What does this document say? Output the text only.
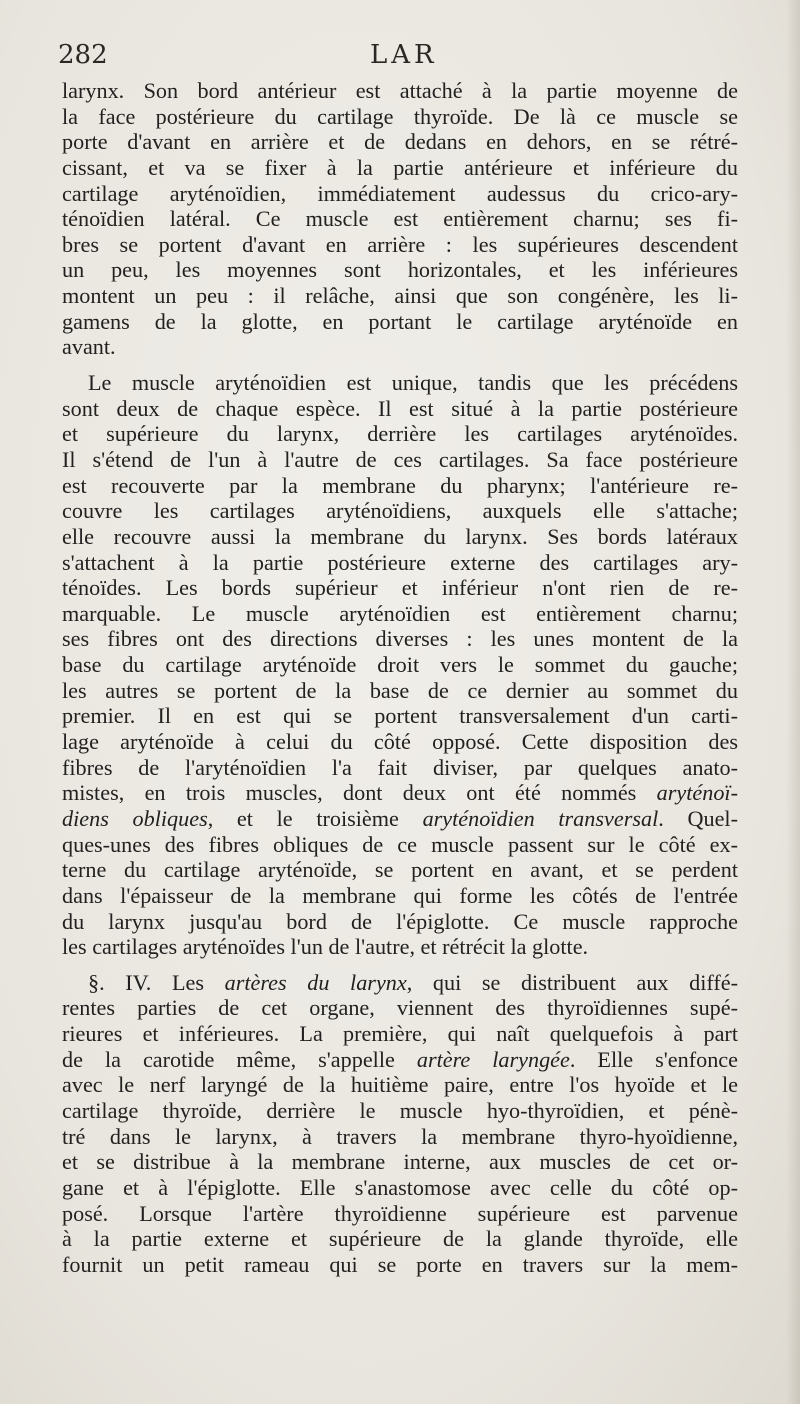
282	LAR
larynx. Son bord antérieur est attaché à la partie moyenne de
la face postérieure du cartilage thyroïde. De là ce muscle se
porte d'avant en arrière et de dedans en dehors, en se rétré-
cissant, et va se fixer à la partie antérieure et inférieure du
cartilage aryténoïdien, immédiatement audessus du crico-ary-
ténoïdien latéral. Ce muscle est entièrement charnu; ses fi-
bres se portent d'avant en arrière : les supérieures descendent
un peu, les moyennes sont horizontales, et les inférieures
montent un peu : il relâche, ainsi que son congénère, les li-
gamens de la glotte, en portant le cartilage aryténoïde en
avant.
Le muscle aryténoïdien est unique, tandis que les précédens
sont deux de chaque espèce. Il est situé à la partie postérieure
et supérieure du larynx, derrière les cartilages aryténoïdes.
Il s'étend de l'un à l'autre de ces cartilages. Sa face postérieure
est recouverte par la membrane du pharynx; l'antérieure re-
couvre les cartilages aryténoïdiens, auxquels elle s'attache;
elle recouvre aussi la membrane du larynx. Ses bords latéraux
s'attachent à la partie postérieure externe des cartilages ary-
ténoïdes. Les bords supérieur et inférieur n'ont rien de re-
marquable. Le muscle aryténoïdien est entièrement charnu;
ses fibres ont des directions diverses : les unes montent de la
base du cartilage aryténoïde droit vers le sommet du gauche;
les autres se portent de la base de ce dernier au sommet du
premier. Il en est qui se portent transversalement d'un carti-
lage aryténoïde à celui du côté opposé. Cette disposition des
fibres de l'aryténoïdien l'a fait diviser, par quelques anato-
mistes, en trois muscles, dont deux ont été nommés aryténoï-
diens obliques, et le troisième aryténoïdien transversal. Quel-
ques-unes des fibres obliques de ce muscle passent sur le côté ex-
terne du cartilage aryténoïde, se portent en avant, et se perdent
dans l'épaisseur de la membrane qui forme les côtés de l'entrée
du larynx jusqu'au bord de l'épiglotte. Ce muscle rapproche
les cartilages aryténoïdes l'un de l'autre, et rétrécit la glotte.
§. IV. Les artères du larynx, qui se distribuent aux diffé-
rentes parties de cet organe, viennent des thyroïdiennes supé-
rieures et inférieures. La première, qui naît quelquefois à part
de la carotide même, s'appelle artère laryngée. Elle s'enfonce
avec le nerf laryngé de la huitième paire, entre l'os hyoïde et le
cartilage thyroïde, derrière le muscle hyo-thyroïdien, et pénè-
tré dans le larynx, à travers la membrane thyro-hyoïdienne,
et se distribue à la membrane interne, aux muscles de cet or-
gane et à l'épiglotte. Elle s'anastomose avec celle du côté op-
posé. Lorsque l'artère thyroïdienne supérieure est parvenue
à la partie externe et supérieure de la glande thyroïde, elle
fournit un petit rameau qui se porte en travers sur la mem-
